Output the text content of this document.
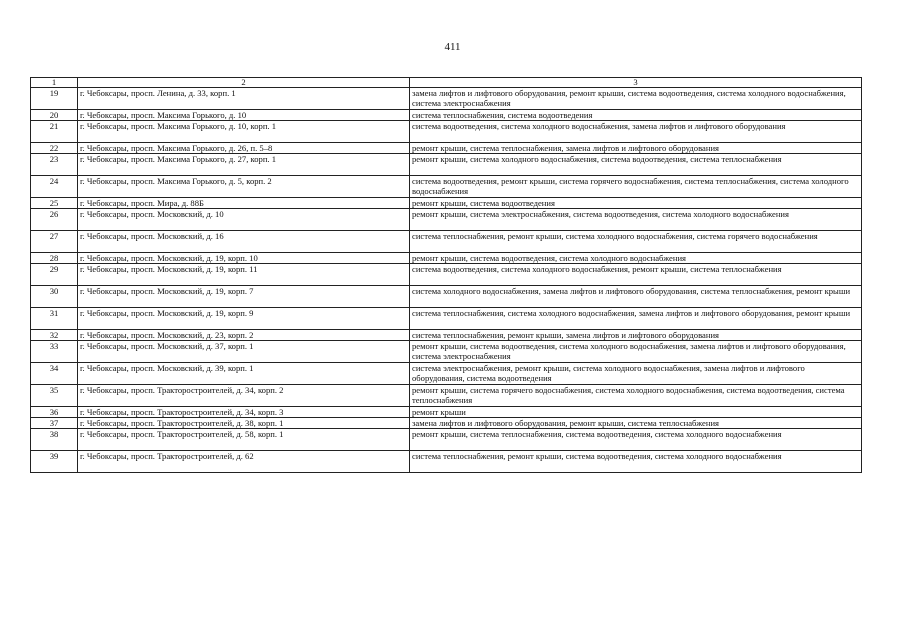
411
1	2	3
19	г. Чебоксары, просп. Ленина, д. 33, корп. 1	замена лифтов и лифтового оборудования, ремонт крыши, система водоотведения, система холодного водоснабжения, система электроснабжения
20	г. Чебоксары, просп. Максима Горького, д. 10	система теплоснабжения, система водоотведения
21	г. Чебоксары, просп. Максима Горького, д. 10, корп. 1	система водоотведения, система холодного водоснабжения, замена лифтов и лифтового оборудования
22	г. Чебоксары, просп. Максима Горького, д. 26, п. 5–8	ремонт крыши, система теплоснабжения, замена лифтов и лифтового оборудования
23	г. Чебоксары, просп. Максима Горького, д. 27, корп. 1	ремонт крыши, система холодного водоснабжения, система водоотведения, система теплоснабжения
24	г. Чебоксары, просп. Максима Горького, д. 5, корп. 2	система водоотведения, ремонт крыши, система горячего водоснабжения, система теплоснабжения, система холодного водоснабжения
25	г. Чебоксары, просп. Мира, д. 88Б	ремонт крыши, система водоотведения
26	г. Чебоксары, просп. Московский, д. 10	ремонт крыши, система электроснабжения, система водоотведения, система холодного водоснабжения
27	г. Чебоксары, просп. Московский, д. 16	система теплоснабжения, ремонт крыши, система холодного водоснабжения, система горячего водоснабжения
28	г. Чебоксары, просп. Московский, д. 19, корп. 10	ремонт крыши, система водоотведения, система холодного водоснабжения
29	г. Чебоксары, просп. Московский, д. 19, корп. 11	система водоотведения, система холодного водоснабжения, ремонт крыши, система теплоснабжения
30	г. Чебоксары, просп. Московский, д. 19, корп. 7	система холодного водоснабжения, замена лифтов и лифтового оборудования, система теплоснабжения, ремонт крыши
31	г. Чебоксары, просп. Московский, д. 19, корп. 9	система теплоснабжения, система холодного водоснабжения, замена лифтов и лифтового оборудования, ремонт крыши
32	г. Чебоксары, просп. Московский, д. 23, корп. 2	система теплоснабжения, ремонт крыши, замена лифтов и лифтового оборудования
33	г. Чебоксары, просп. Московский, д. 37, корп. 1	ремонт крыши, система водоотведения, система холодного водоснабжения, замена лифтов и лифтового оборудования, система электроснабжения
34	г. Чебоксары, просп. Московский, д. 39, корп. 1	система электроснабжения, ремонт крыши, система холодного водоснабжения, замена лифтов и лифтового оборудования, система водоотведения
35	г. Чебоксары, просп. Тракторостроителей, д. 34, корп. 2	ремонт крыши, система горячего водоснабжения, система холодного водоснабжения, система водоотведения, система теплоснабжения
36	г. Чебоксары, просп. Тракторостроителей, д. 34, корп. 3	ремонт крыши
37	г. Чебоксары, просп. Тракторостроителей, д. 38, корп. 1	замена лифтов и лифтового оборудования, ремонт крыши, система теплоснабжения
38	г. Чебоксары, просп. Тракторостроителей, д. 58, корп. 1	ремонт крыши, система теплоснабжения, система водоотведения, система холодного водоснабжения
39	г. Чебоксары, просп. Тракторостроителей, д. 62	система теплоснабжения, ремонт крыши, система водоотведения, система холодного водоснабжения
